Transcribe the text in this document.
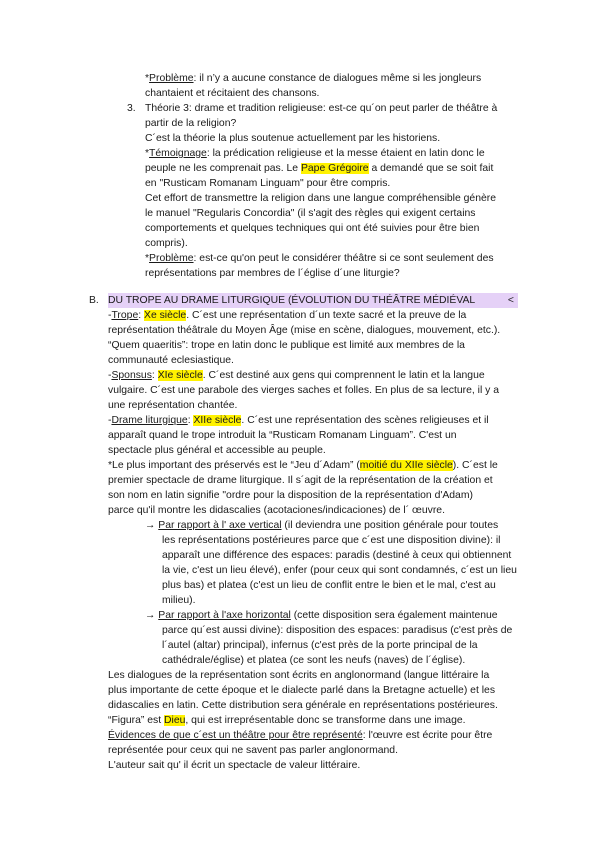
*Problème: il n’y a aucune constance de dialogues même si les jongleurs
chantaient et récitaient des chansons.
3. Théorie 3: drame et tradition religieuse: est-ce qu´on peut parler de théâtre à
partir de la religion?
C´est la théorie la plus soutenue actuellement par les historiens.
*Témoignage: la prédication religieuse et la messe étaient en latin donc le
peuple ne les comprenait pas. Le Pape Grégoire a demandé que se soit fait
en "Rusticam Romanam Linguam" pour être compris.
Cet effort de transmettre la religion dans une langue compréhensible génère
le manuel "Regularis Concordia" (il s'agit des règles qui exigent certains
comportements et quelques techniques qui ont été suivies pour être bien
compris).
*Problème: est-ce qu'on peut le considérer théâtre si ce sont seulement des
représentations par membres de l´église d´une liturgie?
B. DU TROPE AU DRAME LITURGIQUE (ÉVOLUTION DU THÉÂTRE MÉDIÉVAL	<
-Trope: Xe siècle. C´est une représentation d´un texte sacré et la preuve de la
représentation théâtrale du Moyen Âge (mise en scène, dialogues, mouvement, etc.).
“Quem quaeritis”: trope en latin donc le publique est limité aux membres de la
communauté eclesiastique.
-Sponsus: XIe siècle. C´est destiné aux gens qui comprennent le latin et la langue
vulgaire. C´est une parabole des vierges saches et folles. En plus de sa lecture, il y a
une représentation chantée.
-Drame liturgique: XIIe siècle. C´est une représentation des scènes religieuses et il
apparaît quand le trope introduit la “Rusticam Romanam Linguam”. C'est un
spectacle plus général et accessible au peuple.
*Le plus important des préservés est le “Jeu d´Adam” (moitié du XIIe siècle). C´est le
premier spectacle de drame liturgique. Il s´agit de la représentation de la création et
son nom en latin signifie "ordre pour la disposition de la représentation d'Adam)
parce qu'il montre les didascalies (acotaciones/indicaciones) de l´ œuvre.
→ Par rapport à l' axe vertical (il deviendra une position générale pour toutes
les représentations postérieures parce que c´est une disposition divine): il
apparaît une différence des espaces: paradis (destiné à ceux qui obtiennent
la vie, c'est un lieu élevé), enfer (pour ceux qui sont condamnés, c´est un lieu
plus bas) et platea (c'est un lieu de conflit entre le bien et le mal, c'est au
milieu).
→ Par rapport à l'axe horizontal (cette disposition sera également maintenue
parce qu´est aussi divine): disposition des espaces: paradisus (c'est près de
l´autel (altar) principal), infernus (c'est près de la porte principal de la
cathédrale/église) et platea (ce sont les neufs (naves) de l´église).
Les dialogues de la représentation sont écrits en anglonormand (langue littéraire la
plus importante de cette époque et le dialecte parlé dans la Bretagne actuelle) et les
didascalies en latin. Cette distribution sera générale en représentations postérieures.
“Figura” est Dieu, qui est irreprésentable donc se transforme dans une image.
Évidences de que c´est un théâtre pour être représenté: l'œuvre est écrite pour être
représentée pour ceux qui ne savent pas parler anglonormand.
L'auteur sait qu' il écrit un spectacle de valeur littéraire.
